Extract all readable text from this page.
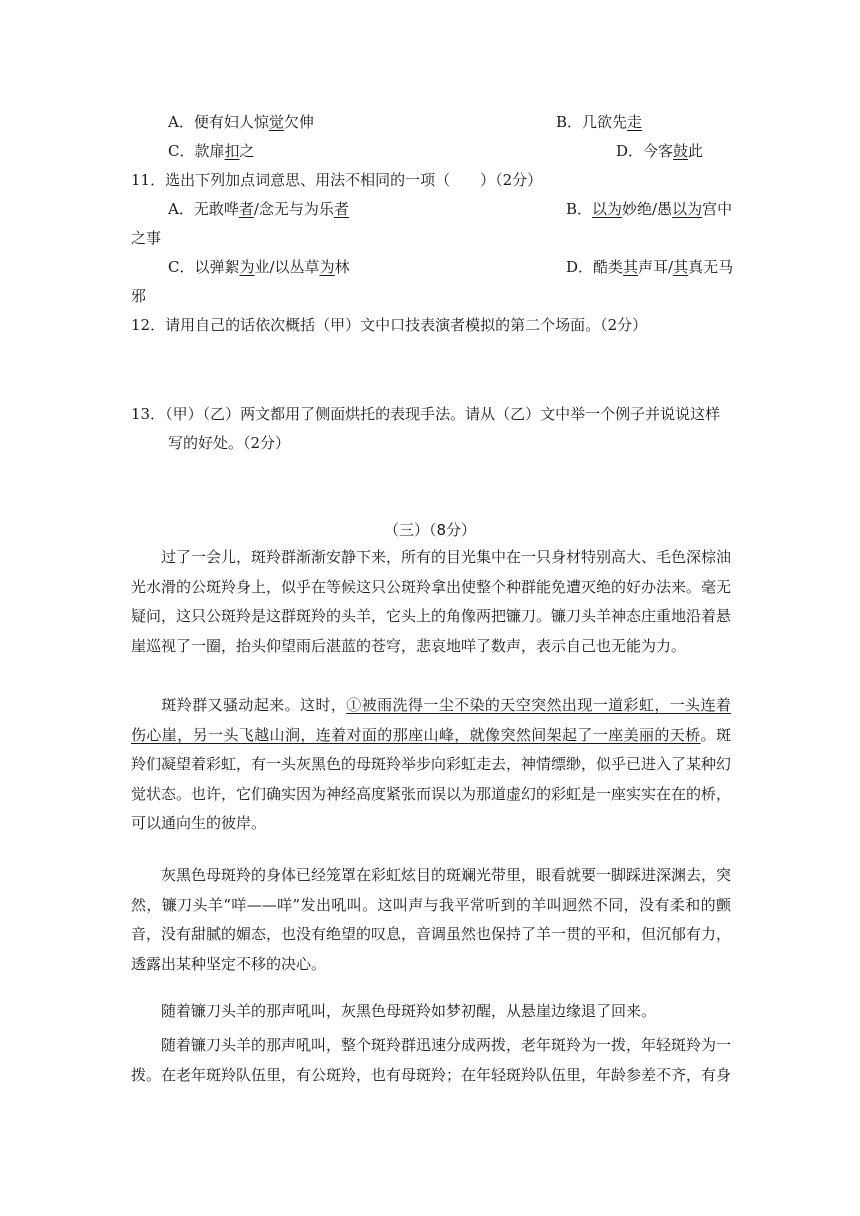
A．便有妇人惊觉欠伸	B．几欲先走
C．款扉扣之	D．今客鼓此
11．选出下列加点词意思、用法不相同的一项（　　）（2分）
A．无敢哗者/念无与为乐者	B．以为妙绝/愚以为宫中
之事
C．以弹絮为业/以丛草为林	D．酷类其声耳/其真无马
邪
12．请用自己的话依次概括（甲）文中口技表演者模拟的第二个场面。（2分）
13．（甲）（乙）两文都用了侧面烘托的表现手法。请从（乙）文中举一个例子并说说这样
写的好处。（2分）
（三）（8分）
过了一会儿，斑羚群渐渐安静下来，所有的目光集中在一只身材特别高大、毛色深棕油光水滑的公斑羚身上，似乎在等候这只公斑羚拿出使整个种群能免遭灭绝的好办法来。毫无疑问，这只公斑羚是这群斑羚的头羊，它头上的角像两把镰刀。镰刀头羊神态庄重地沿着悬崖巡视了一圈，抬头仰望雨后湛蓝的苍穹，悲哀地咩了数声，表示自己也无能为力。
斑羚群又骚动起来。这时，①被雨洗得一尘不染的天空突然出现一道彩虹，一头连着伤心崖，另一头飞越山涧，连着对面的那座山峰，就像突然间架起了一座美丽的天桥。斑羚们凝望着彩虹，有一头灰黑色的母斑羚举步向彩虹走去，神情缥缈，似乎已进入了某种幻觉状态。也许，它们确实因为神经高度紧张而误以为那道虚幻的彩虹是一座实实在在的桥，可以通向生的彼岸。
灰黑色母斑羚的身体已经笼罩在彩虹炫目的斑斓光带里，眼看就要一脚踩进深渊去，突然，镰刀头羊“咩——咩”发出吼叫。这叫声与我平常听到的羊叫迥然不同，没有柔和的颤音，没有甜腻的媚态，也没有绝望的叹息，音调虽然也保持了羊一贯的平和，但沉郁有力，透露出某种坚定不移的决心。
随着镰刀头羊的那声吼叫，灰黑色母斑羚如梦初醒，从悬崖边缘退了回来。
随着镰刀头羊的那声吼叫，整个斑羚群迅速分成两拨，老年斑羚为一拨，年轻斑羚为一拨。在老年斑羚队伍里，有公斑羚，也有母斑羚；在年轻斑羚队伍里，年龄参差不齐，有身
